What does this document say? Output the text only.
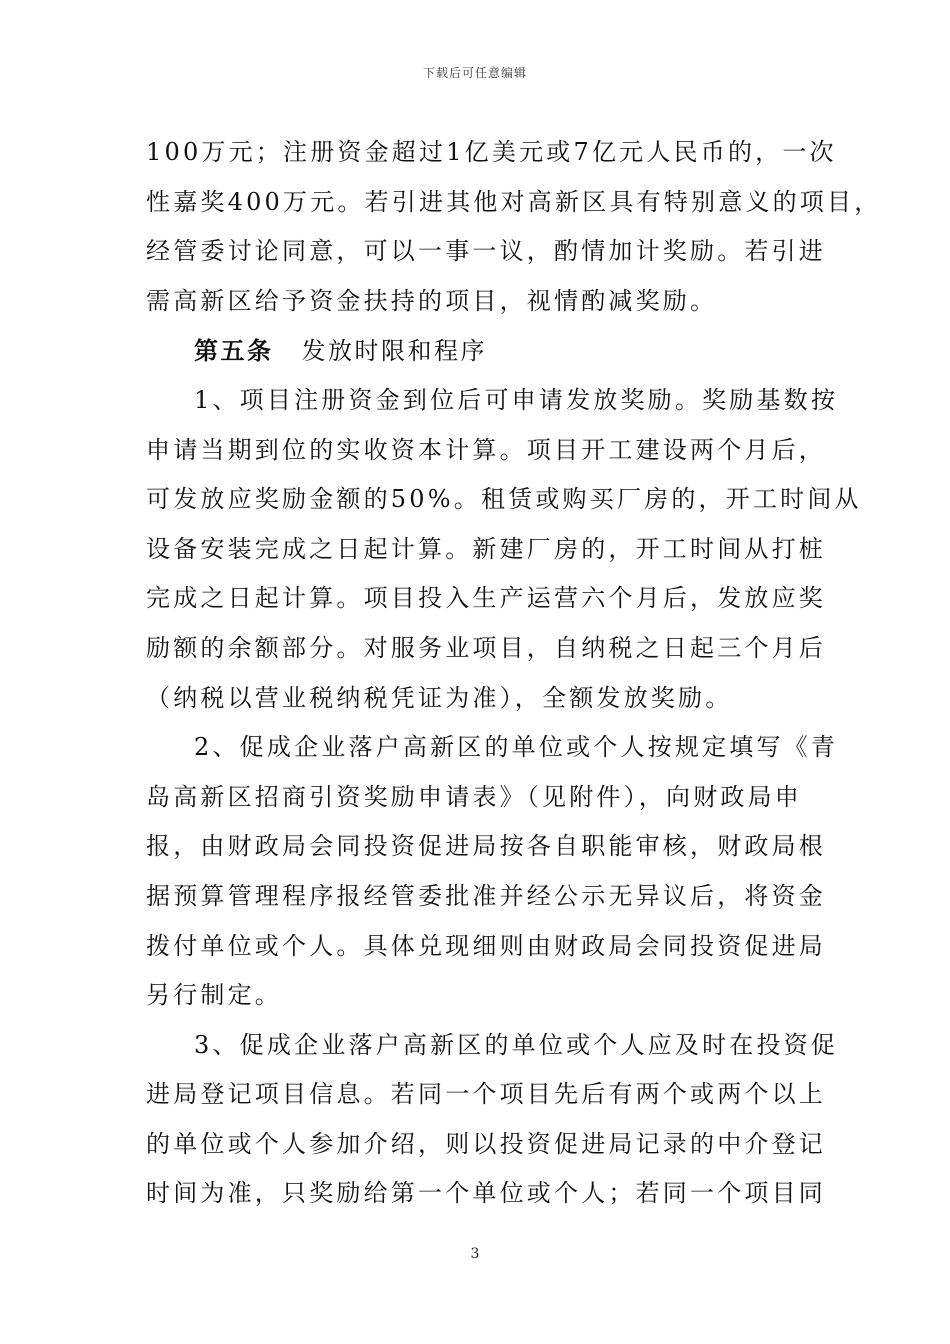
下载后可任意编辑
100万元；注册资金超过1亿美元或7亿元人民币的，一次
性嘉奖400万元。若引进其他对高新区具有特别意义的项目，
经管委讨论同意，可以一事一议，酌情加计奖励。若引进
需高新区给予资金扶持的项目，视情酌减奖励。
第五条 发放时限和程序
1、项目注册资金到位后可申请发放奖励。奖励基数按
申请当期到位的实收资本计算。项目开工建设两个月后，
可发放应奖励金额的50%。租赁或购买厂房的，开工时间从
设备安装完成之日起计算。新建厂房的，开工时间从打桩
完成之日起计算。项目投入生产运营六个月后，发放应奖
励额的余额部分。对服务业项目，自纳税之日起三个月后
（纳税以营业税纳税凭证为准），全额发放奖励。
2、促成企业落户高新区的单位或个人按规定填写《青
岛高新区招商引资奖励申请表》（见附件），向财政局申
报，由财政局会同投资促进局按各自职能审核，财政局根
据预算管理程序报经管委批准并经公示无异议后，将资金
拨付单位或个人。具体兑现细则由财政局会同投资促进局
另行制定。
3、促成企业落户高新区的单位或个人应及时在投资促
进局登记项目信息。若同一个项目先后有两个或两个以上
的单位或个人参加介绍，则以投资促进局记录的中介登记
时间为准，只奖励给第一个单位或个人；若同一个项目同
3
